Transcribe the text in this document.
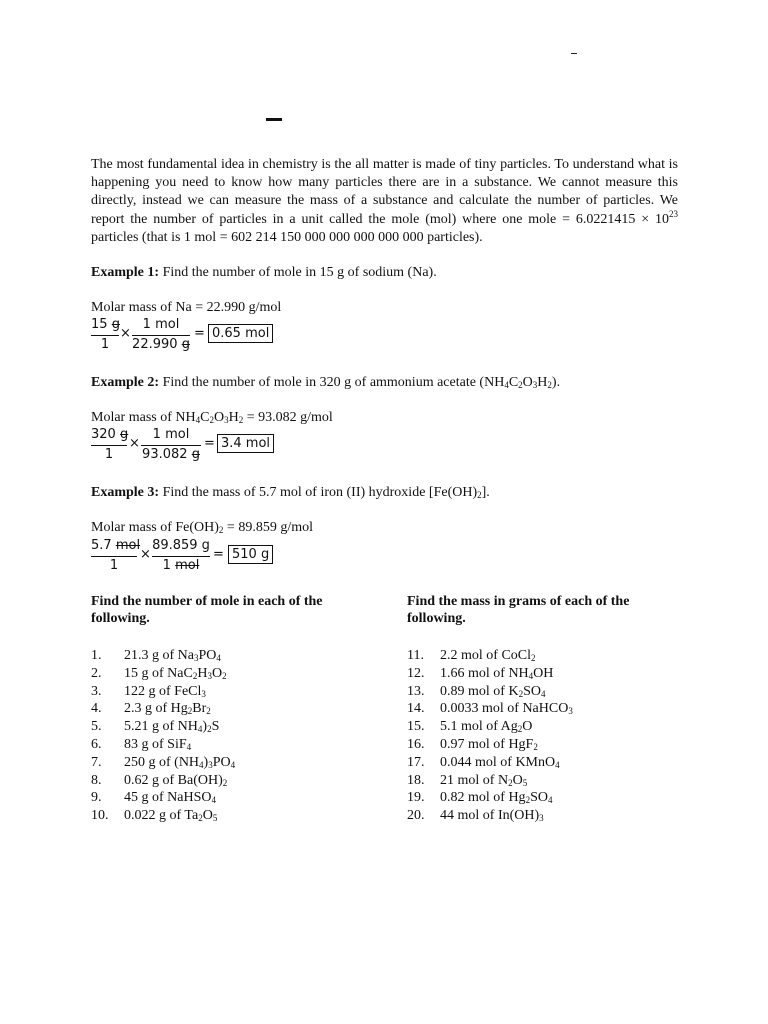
The most fundamental idea in chemistry is the all matter is made of tiny particles. To understand what is happening you need to know how many particles there are in a substance. We cannot measure this directly, instead we can measure the mass of a substance and calculate the number of particles. We report the number of particles in a unit called the mole (mol) where one mole = $6.0221415 \times 10^{23}$ particles (that is 1 mol = 602 214 150 000 000 000 000 000 particles).

Example 1: Find the number of mole in 15 g of sodium (Na).
Molar mass of Na = 22.990 g/mol
15 g
1
×
1 mol
22.990 g
= 0.65 mol
Example 2: Find the number of mole in 320 g of ammonium acetate $(NH_4C_2O_3H_2)$.
Molar mass of $NH_4C_2O_3H_2 = 93.082$ g/mol
320 g
1
×
1 mol
93.082 g
= 3.4 mol
Example 3: Find the mass of 5.7 mol of iron (II) hydroxide $[Fe(OH)_2]$.
Molar mass of $Fe(OH)_2 = 89.859$ g/mol
5.7 mol
1
×
89.859 g
1 mol
= 510 g

Find the number of mole in each of the following.

Find the mass in grams of each of the following.

1. 21.3 g of $Na_3PO_4$
2. 15 g of $NaC_2H_3O_2$
3. 122 g of FeCl$_3$
4. 2.3 g of $Hg_2Br_2$
5. 5.21 g of $NH_4)_2S$
6. 83 g of SiF$_4$
7. 250 g of $(NH_4)_3PO_4$
8. 0.62 g of $Ba(OH)_2$
9. 45 g of NaHSO$_4$
10. 0.022 g of $Ta_2O_5$
11. 2.2 mol of CoCl$_2$
12. 1.66 mol of $NH_4OH$
13. 0.89 mol of $K_2SO_4$
14. 0.0033 mol of NaHCO$_3$
15. 5.1 mol of $Ag_2O$
16. 0.97 mol of HgF$_2$
17. 0.044 mol of KMnO$_4$
18. 21 mol of $N_2O_5$
19. 0.82 mol of $Hg_2SO_4$
20. 44 mol of $In(OH)_3$
